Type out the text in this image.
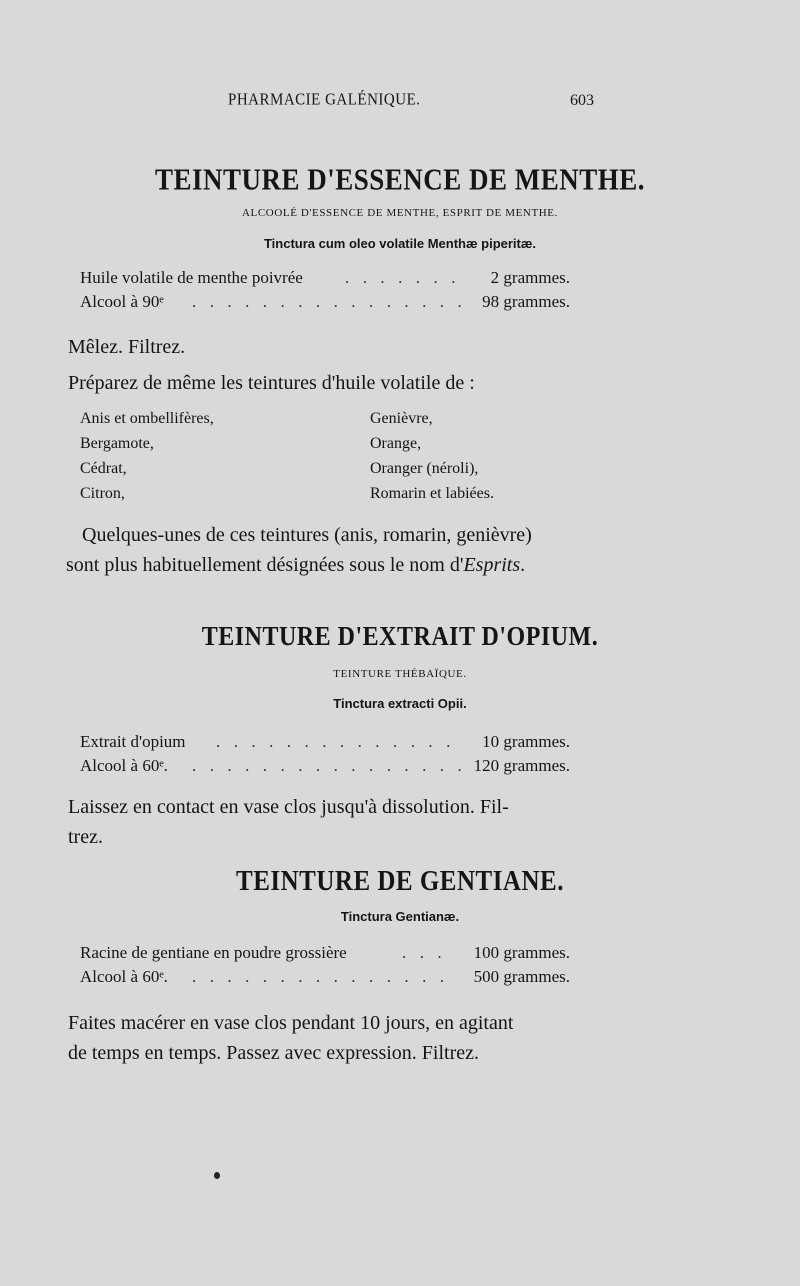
PHARMACIE GALÉNIQUE.	603
TEINTURE D'ESSENCE DE MENTHE.
ALCOOLÉ D'ESSENCE DE MENTHE, ESPRIT DE MENTHE.
Tinctura cum oleo volatile Menthæ piperitæ.
Huile volatile de menthe poivrée . . . . . . . 2 grammes.
Alcool à 90ᵉ . . . . . . . . . . . . . . . . 98 grammes.
Mêlez. Filtrez.
Préparez de même les teintures d'huile volatile de :
Anis et ombellifères,
Bergamote,
Cédrat,
Citron,
Genièvre,
Orange,
Oranger (néroli),
Romarin et labiées.
Quelques-unes de ces teintures (anis, romarin, genièvre)
sont plus habituellement désignées sous le nom d'Esprits.
TEINTURE D'EXTRAIT D'OPIUM.
TEINTURE THÉBAÏQUE.
Tinctura extracti Opii.
Extrait d'opium . . . . . . . . . . . . . . 10 grammes.
Alcool à 60ᵉ. . . . . . . . . . . . . . . . . 120 grammes.
Laissez en contact en vase clos jusqu'à dissolution. Fil-
trez.
TEINTURE DE GENTIANE.
Tinctura Gentianæ.
Racine de gentiane en poudre grossière	. . . 100 grammes.
Alcool à 60ᵉ. . . . . . . . . . . . . . . . 500 grammes.
Faites macérer en vase clos pendant 10 jours, en agitant
de temps en temps. Passez avec expression. Filtrez.
